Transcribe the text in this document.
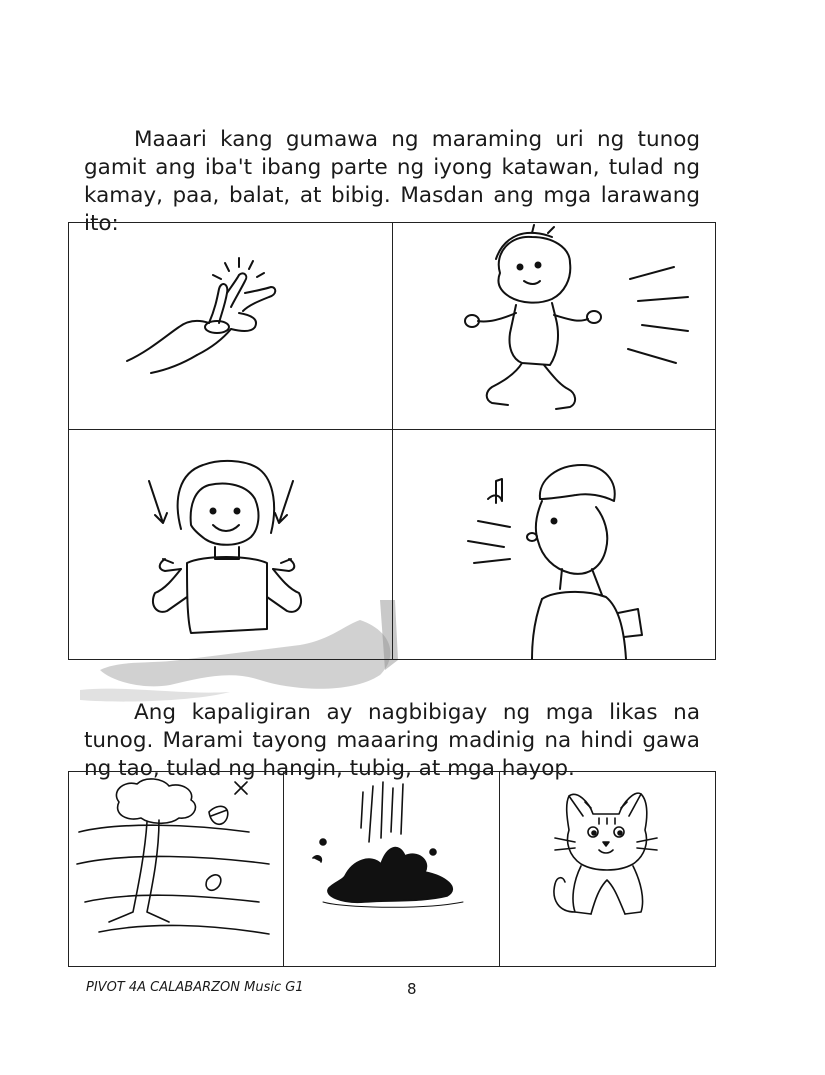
Maaari kang gumawa ng maraming uri ng tunog gamit ang iba't ibang parte ng iyong katawan, tulad ng kamay, paa, balat, at bibig. Masdan ang mga larawang ito:

Ang kapaligiran ay nagbibigay ng mga likas na tunog. Marami tayong maaaring madinig na hindi gawa ng tao, tulad ng hangin, tubig, at mga hayop.

PIVOT 4A CALABARZON Music G1	8
